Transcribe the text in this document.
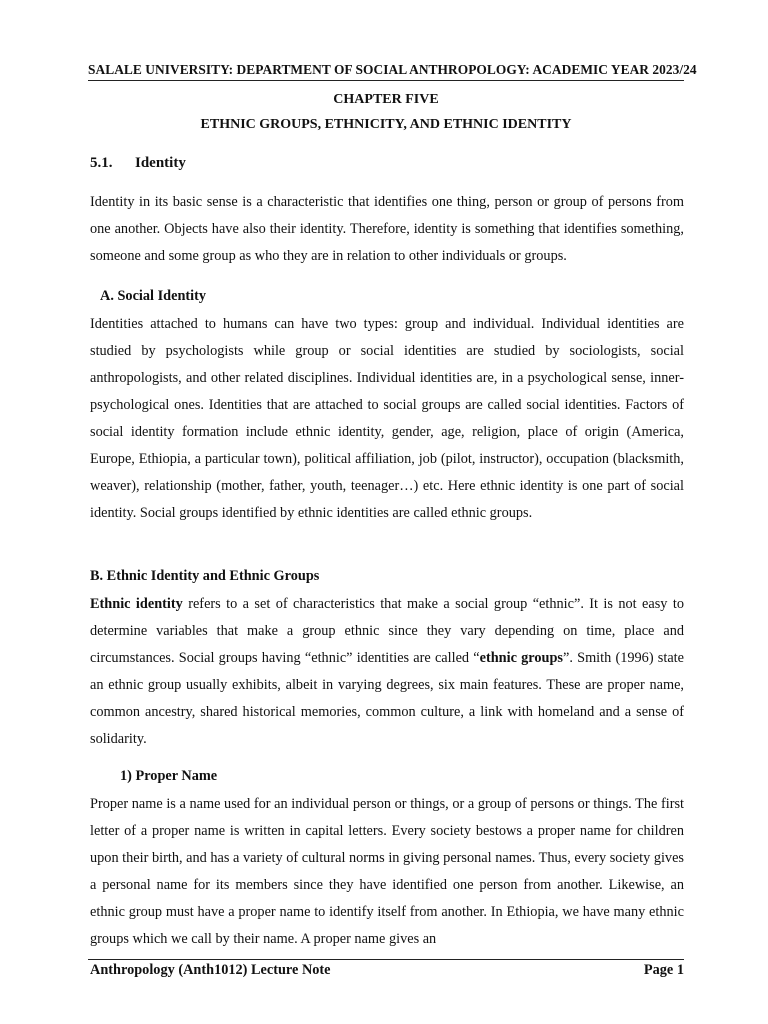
SALALE UNIVERSITY: DEPARTMENT OF SOCIAL ANTHROPOLOGY: ACADEMIC YEAR 2023/24
CHAPTER FIVE
ETHNIC GROUPS, ETHNICITY, AND ETHNIC IDENTITY
5.1. Identity

Identity in its basic sense is a characteristic that identifies one thing, person or group of persons from one another. Objects have also their identity. Therefore, identity is something that identifies something, someone and some group as who they are in relation to other individuals or groups.

A. Social Identity

Identities attached to humans can have two types: group and individual. Individual identities are studied by psychologists while group or social identities are studied by sociologists, social anthropologists, and other related disciplines. Individual identities are, in a psychological sense, inner-psychological ones. Identities that are attached to social groups are called social identities. Factors of social identity formation include ethnic identity, gender, age, religion, place of origin (America, Europe, Ethiopia, a particular town), political affiliation, job (pilot, instructor), occupation (blacksmith, weaver), relationship (mother, father, youth, teenager…) etc. Here ethnic identity is one part of social identity. Social groups identified by ethnic identities are called ethnic groups.

B. Ethnic Identity and Ethnic Groups

Ethnic identity refers to a set of characteristics that make a social group “ethnic”. It is not easy to determine variables that make a group ethnic since they vary depending on time, place and circumstances. Social groups having “ethnic” identities are called “ethnic groups”. Smith (1996) state an ethnic group usually exhibits, albeit in varying degrees, six main features. These are proper name, common ancestry, shared historical memories, common culture, a link with homeland and a sense of solidarity.

1) Proper Name

Proper name is a name used for an individual person or things, or a group of persons or things. The first letter of a proper name is written in capital letters. Every society bestows a proper name for children upon their birth, and has a variety of cultural norms in giving personal names. Thus, every society gives a personal name for its members since they have identified one person from another. Likewise, an ethnic group must have a proper name to identify itself from another. In Ethiopia, we have many ethnic groups which we call by their name. A proper name gives an

Anthropology (Anth1012) Lecture Note	Page 1
